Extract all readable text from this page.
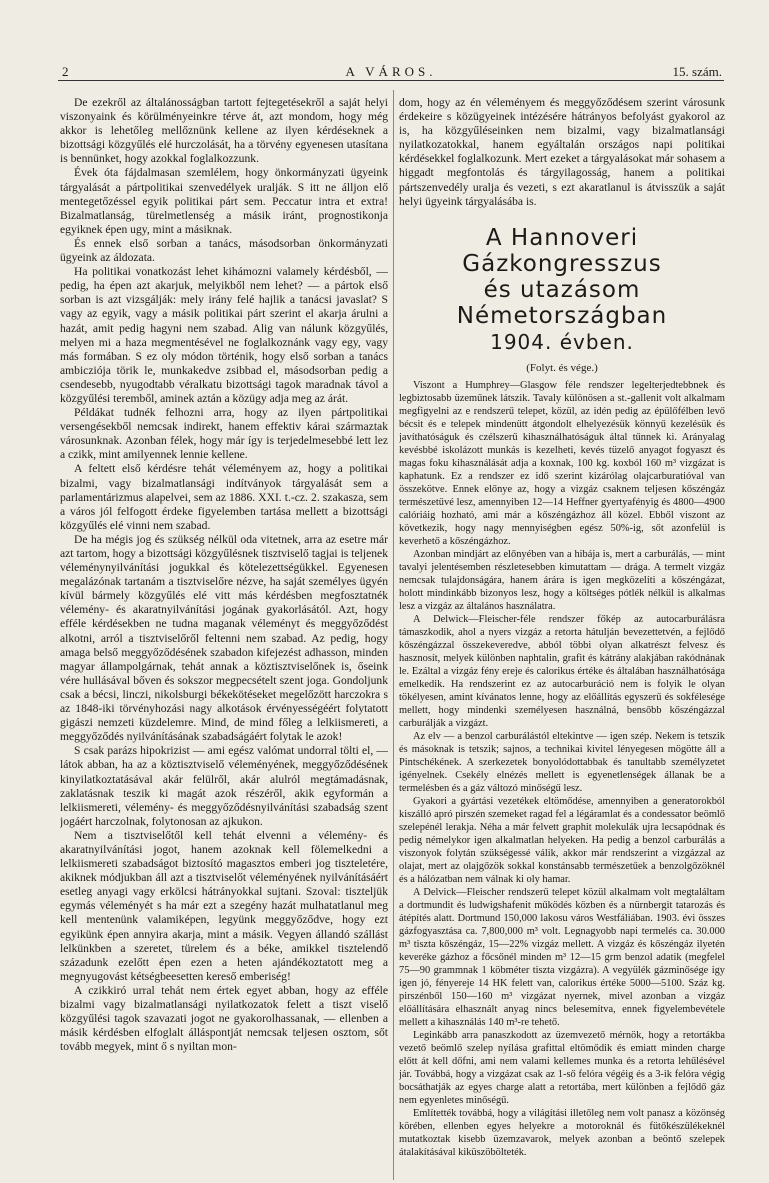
2	A VÁROS.	15. szám.

De ezekről az általánosságban tartott fejtegetésekről a saját helyi viszonyaink és körülményeinkre térve át, azt mondom, hogy még akkor is lehetőleg mellőznünk kellene az ilyen kérdéseknek a bizottsági közgyűlés elé hurczolását, ha a törvény egyenesen utasítana is bennünket, hogy azokkal foglalkozzunk.

Évek óta fájdalmasan szemlélem, hogy önkormányzati ügyeink tárgyalását a pártpolitikai szenvedélyek uralják. S itt ne álljon elő mentegetőzéssel egyik politikai párt sem. Peccatur intra et extra! Bizalmatlanság, türelmetlenség a másik iránt, prognostikonja egyiknek épen ugy, mint a másiknak.

És ennek első sorban a tanács, másodsorban önkormányzati ügyeink az áldozata.

Ha politikai vonatkozást lehet kihámozni valamely kérdésből, — pedig, ha épen azt akarjuk, melyikből nem lehet? — a pártok első sorban is azt vizsgálják: mely irány felé hajlik a tanácsi javaslat? S vagy az egyik, vagy a másik politikai párt szerint el akarja árulni a hazát, amit pedig hagyni nem szabad. Alig van nálunk közgyűlés, melyen mi a haza megmentésével ne foglalkoznánk vagy egy, vagy más formában. S ez oly módon történik, hogy első sorban a tanács ambicziója törik le, munkakedve zsibbad el, másodsorban pedig a csendesebb, nyugodtabb véralkatu bizottsági tagok maradnak távol a közgyűlési teremből, aminek aztán a közügy adja meg az árát.

Példákat tudnék felhozni arra, hogy az ilyen pártpolitikai versengésekből nemcsak indirekt, hanem effektiv kárai származtak városunknak. Azonban félek, hogy már így is terjedelmesebbé lett lez a czikk, mint amilyennek lennie kellene.

A feltett első kérdésre tehát véleményem az, hogy a politikai bizalmi, vagy bizalmatlansági indítványok tárgyalását sem a parlamentárizmus alapelvei, sem az 1886. XXI. t.-cz. 2. szakasza, sem a város jól felfogott érdeke figyelemben tartása mellett a bizottsági közgyűlés elé vinni nem szabad.

De ha mégis jog és szükség nélkül oda vitetnek, arra az esetre már azt tartom, hogy a bizottsági közgyűlésnek tisztviselő tagjai is teljenek véleménynyilvánítási jogukkal és kötelezettségükkel. Egyenesen megalázónak tartanám a tisztviselőre nézve, ha saját személyes ügyén kívül bármely közgyűlés elé vitt más kérdésben megfosztatnék vélemény- és akaratnyilvánítási jogának gyakorlásától. Azt, hogy efféle kérdésekben ne tudna maganak véleményt és meggyőződést alkotni, arról a tisztviselőről feltenni nem szabad. Az pedig, hogy amaga belső meggyőződésének szabadon kifejezést adhasson, minden magyar állampolgárnak, tehát annak a köztisztviselőnek is, őseink vére hullásával bőven és sokszor megpecsételt szent joga. Gondoljunk csak a bécsi, linczi, nikolsburgi békekötéseket megelőzött harczokra s az 1848-iki törvényhozási nagy alkotások érvényességéért folytatott gigászi nemzeti küzdelemre. Mind, de mind főleg a lelkiismereti, a meggyőződés nyilvánításának szabadságáért folytak le azok!

S csak parázs hipokrizist — ami egész valómat undorral tölti el, — látok abban, ha az a köztisztviselő véleményének, meggyőződésének kinyilatkoztatásával akár felülről, akár alulról megtámadásnak, zaklatásnak teszik ki magát azok részéről, akik egyformán a lelkiismereti, vélemény- és meggyőződésnyilvánítási szabadság szent jogáért harczolnak, folytonosan az ajkukon.

Nem a tisztviselőtől kell tehát elvenni a vélemény- és akaratnyilvánítási jogot, hanem azoknak kell fölemelkedni a lelkiismereti szabadságot biztosító magasztos emberi jog tiszteletére, akiknek módjukban áll azt a tisztviselőt véleményének nyilvánításáért esetleg anyagi vagy erkölcsi hátrányokkal sujtani. Szoval: tiszteljük egymás véleményét s ha már ezt a szegény hazát mulhatatlanul meg kell mentenünk valamiképen, legyünk meggyőződve, hogy ezt egyikünk épen annyira akarja, mint a másik. Vegyen állandó szállást lelkünkben a szeretet, türelem és a béke, amikkel tisztelendő századunk ezelőtt épen ezen a heten ajándékoztatott meg a megnyugovást kétségbeesetten kereső emberiség!

A czikkiró urral tehát nem értek egyet abban, hogy az efféle bizalmi vagy bizalmatlansági nyilatkozatok felett a tiszt viselő közgyűlési tagok szavazati jogot ne gyakorolhassanak, — ellenben a másik kérdésben elfoglalt álláspontját nemcsak teljesen osztom, sőt tovább megyek, mint ő s nyiltan mon-

dom, hogy az én véleményem és meggyőződésem szerint városunk érdekeire s közügyeinek intézésére hátrányos befolyást gyakorol az is, ha közgyűléseinken nem bizalmi, vagy bizalmatlansági nyilatkozatokkal, hanem egyáltalán országos napi politikai kérdésekkel foglalkozunk. Mert ezeket a tárgyalásokat már sohasem a higgadt megfontolás és tárgyilagosság, hanem a politikai pártszenvedély uralja és vezeti, s ezt akaratlanul is átvisszük a saját helyi ügyeink tárgyalásába is.

A Hannoveri Gázkongresszus
és utazásom Németországban
1904. évben.
(Folyt. és vége.)

Viszont a Humphrey—Glasgow féle rendszer legelterjedtebbnek és legbiztosabb üzeműnek látszik. Tavaly különösen a st.-gallenit volt alkalmam megfigyelni az e rendszerű telepet, közül, az idén pedig az épülőfélben levő bécsit és e telepek mindenütt átgondolt elhelyezésük könnyű kezelésük és javíthatóságuk és czélszerű kihasználhatóságuk által tűnnek ki. Arányalag kevésbbé iskolázott munkás is kezelheti, kevés tüzelő anyagot fogyaszt és magas foku kihasználását adja a koxnak, 100 kg. koxból 160 m³ vizgázat is kaphatunk. Ez a rendszer ez idő szerint kizárólag olajcarburatióval van összekötve. Ennek előnye az, hogy a vizgáz csaknem teljesen kőszéngáz természetűvé lesz, amennyiben 12—14 Heffner gyertyafényig és 4800—4900 calóriáig hozható, ami már a kőszéngázhoz áll közel. Ebből viszont az következik, hogy nagy mennyiségben egész 50%-ig, sőt azonfelül is keverhető a kőszéngázhoz.

Azonban mindjárt az előnyében van a hibája is, mert a carburálás, — mint tavalyi jelentésemben részletesebben kimutattam — drága. A termelt vizgáz nemcsak tulajdonságára, hanem árára is igen megközelíti a kőszéngázat, holott mindinkább bizonyos lesz, hogy a költséges pótlék nélkül is alkalmas lesz a vizgáz az általános használatra.

A Delwick—Fleischer-féle rendszer főkép az autocarburálásra támaszkodik, ahol a nyers vizgáz a retorta hátulján bevezettetvén, a fejlődő kőszéngázzal összekeveredve, abból többi olyan alkatrészt felvesz és hasznosít, melyek különben naphtalin, grafit és kátrány alakjában rakódnának le. Ezáltal a vizgáz fény ereje és calorikus értéke és általában használhatósága emelkedik. Ha rendszerint ez az autocarburáció nem is folyik le olyan tökélyesen, amint kívánatos lenne, hogy az előállítás egyszerű és sokfélesége mellett, hogy mindenki személyesen használná, bensőbb kőszéngázzal carburálják a vizgázt.

Az elv — a benzol carburálástól eltekintve — igen szép. Nekem is tetszik és másoknak is tetszik; sajnos, a technikai kivitel lényegesen mögötte áll a Pintschékének. A szerkezetek bonyolódottabbak és tanultabb személyzetet igényelnek. Csekély elnézés mellett is egyenetlenségek állanak be a termelésben és a gáz változó minőségű lesz.

Gyakori a gyártási vezetékek eltömődése, amennyiben a generatorokból kiszálló apró pirszén szemeket ragad fel a légáramlat és a condessator beömlő szelepénél lerakja. Néha a már felvett graphit molekulák ujra lecsapódnak és pedig némelykor igen alkalmatlan helyeken. Ha pedig a benzol carburálás a viszonyok folytán szükségessé válik, akkor már rendszerint a vizgázzal az olajat, mert az olajgőzök sokkal konstánsabb természetűek a benzolgőzöknél és a hálózatban nem válnak ki oly hamar.

A Delvick—Fleischer rendszerű telepet közül alkalmam volt megtaláltam a dortmundit és ludwigshafenit működés közben és a nürnbergit tatarozás és átépítés alatt. Dortmund 150,000 lakosu város Westfáliában. 1903. évi összes gázfogyasztása ca. 7,800,000 m³ volt. Legnagyobb napi termelés ca. 30.000 m³ tiszta kőszéngáz, 15—22% vizgáz mellett. A vizgáz és kőszéngáz ilyetén keveréke gázhoz a főcsőnél minden m³ 12—15 grm benzol adatik (megfelel 75—90 grammnak 1 köbméter tiszta vizgázra). A vegyülék gázminősége igy igen jó, fényereje 14 HK felett van, calorikus értéke 5000—5100. Száz kg. pirszénből 150—160 m³ vizgázat nyernek, mivel azonban a vizgáz előállítására elhasznált anyag nincs belesemítva, ennek figyelembevétele mellett a kihasználás 140 m³-re tehető.

Leginkább arra panaszkodott az üzemvezető mérnök, hogy a retortákba vezető beömlő szelep nyílása grafittal eltömődik és emiatt minden charge előtt át kell dőfni, ami nem valami kellemes munka és a retorta lehűlésével jár. Továbbá, hogy a vizgázat csak az 1-ső felóra végéig és a 3-ik felóra végig bocsáthatják az egyes charge alatt a retortába, mert különben a fejlődő gáz nem egyenletes minőségű.

Említették továbbá, hogy a világítási illetőleg nem volt panasz a közönség körében, ellenben egyes helyekre a motoroknál és fütőkészülékeknél mutatkoztak kisebb üzemzavarok, melyek azonban a beöntő szelepek átalakításával kiküszöbölteték.
